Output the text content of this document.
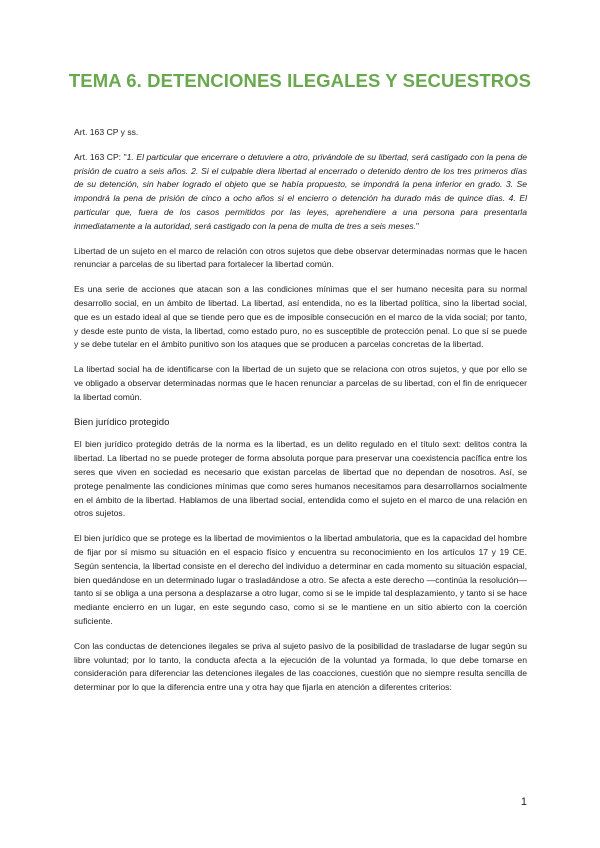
TEMA 6. DETENCIONES ILEGALES Y SECUESTROS

Art. 163 CP y ss.

Art. 163 CP: "1. El particular que encerrare o detuviere a otro, privándole de su libertad, será castigado con la pena de prisión de cuatro a seis años. 2. Si el culpable diera libertad al encerrado o detenido dentro de los tres primeros días de su detención, sin haber logrado el objeto que se había propuesto, se impondrá la pena inferior en grado. 3. Se impondrá la pena de prisión de cinco a ocho años si el encierro o detención ha durado más de quince días. 4. El particular que, fuera de los casos permitidos por las leyes, aprehendiere a una persona para presentarla inmediatamente a la autoridad, será castigado con la pena de multa de tres a seis meses."

Libertad de un sujeto en el marco de relación con otros sujetos que debe observar determinadas normas que le hacen renunciar a parcelas de su libertad para fortalecer la libertad común.

Es una serie de acciones que atacan son a las condiciones mínimas que el ser humano necesita para su normal desarrollo social, en un ámbito de libertad. La libertad, así entendida, no es la libertad política, sino la libertad social, que es un estado ideal al que se tiende pero que es de imposible consecución en el marco de la vida social; por tanto, y desde este punto de vista, la libertad, como estado puro, no es susceptible de protección penal. Lo que sí se puede y se debe tutelar en el ámbito punitivo son los ataques que se producen a parcelas concretas de la libertad.

La libertad social ha de identificarse con la libertad de un sujeto que se relaciona con otros sujetos, y que por ello se ve obligado a observar determinadas normas que le hacen renunciar a parcelas de su libertad, con el fin de enriquecer la libertad común.

Bien jurídico protegido

El bien jurídico protegido detrás de la norma es la libertad, es un delito regulado en el título sext: delitos contra la libertad. La libertad no se puede proteger de forma absoluta porque para preservar una coexistencia pacífica entre los seres que viven en sociedad es necesario que existan parcelas de libertad que no dependan de nosotros. Así, se protege penalmente las condiciones mínimas que como seres humanos necesitamos para desarrollarnos socialmente en el ámbito de la libertad. Hablamos de una libertad social, entendida como el sujeto en el marco de una relación en otros sujetos.

El bien jurídico que se protege es la libertad de movimientos o la libertad ambulatoria, que es la capacidad del hombre de fijar por sí mismo su situación en el espacio físico y encuentra su reconocimiento en los artículos 17 y 19 CE. Según sentencia, la libertad consiste en el derecho del individuo a determinar en cada momento su situación espacial, bien quedándose en un determinado lugar o trasladándose a otro. Se afecta a este derecho —continúa la resolución— tanto si se obliga a una persona a desplazarse a otro lugar, como si se le impide tal desplazamiento, y tanto si se hace mediante encierro en un lugar, en este segundo caso, como si se le mantiene en un sitio abierto con la coerción suficiente.

Con las conductas de detenciones ilegales se priva al sujeto pasivo de la posibilidad de trasladarse de lugar según su libre voluntad; por lo tanto, la conducta afecta a la ejecución de la voluntad ya formada, lo que debe tomarse en consideración para diferenciar las detenciones ilegales de las coacciones, cuestión que no siempre resulta sencilla de determinar por lo que la diferencia entre una y otra hay que fijarla en atención a diferentes criterios:

1
